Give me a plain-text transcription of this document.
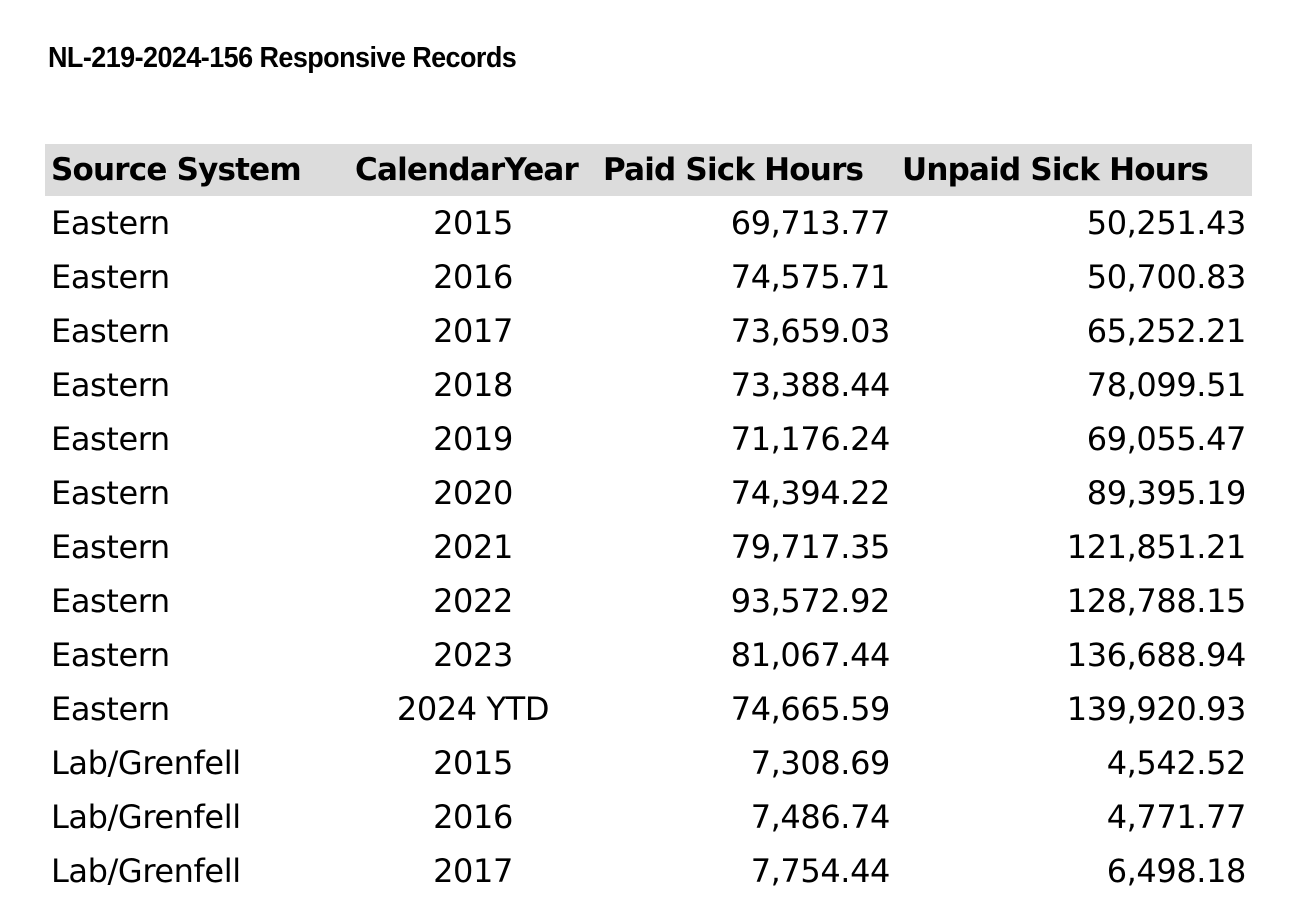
NL-219-2024-156 Responsive Records
Source System	CalendarYear	Paid Sick Hours	Unpaid Sick Hours
Eastern	2015	69,713.77	50,251.43
Eastern	2016	74,575.71	50,700.83
Eastern	2017	73,659.03	65,252.21
Eastern	2018	73,388.44	78,099.51
Eastern	2019	71,176.24	69,055.47
Eastern	2020	74,394.22	89,395.19
Eastern	2021	79,717.35	121,851.21
Eastern	2022	93,572.92	128,788.15
Eastern	2023	81,067.44	136,688.94
Eastern	2024 YTD	74,665.59	139,920.93
Lab/Grenfell	2015	7,308.69	4,542.52
Lab/Grenfell	2016	7,486.74	4,771.77
Lab/Grenfell	2017	7,754.44	6,498.18
